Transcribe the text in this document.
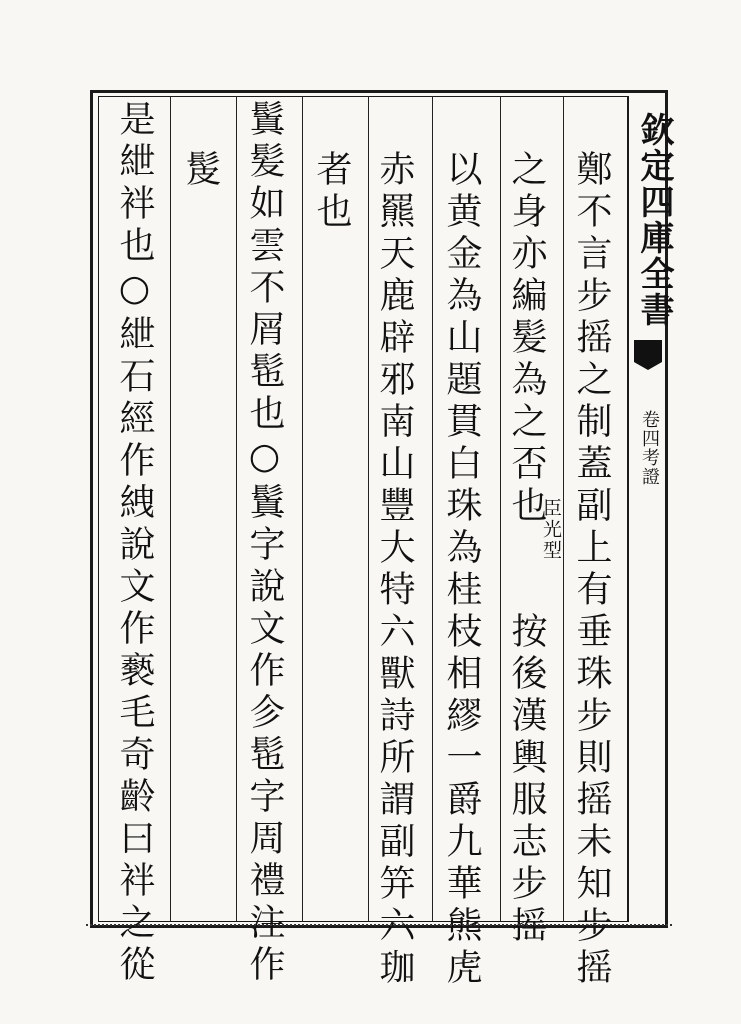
欽定四庫全書
卷四考證
鄭不言步摇之制蓋副上有垂珠步則摇未知步摇
之身亦編髪為之否也
臣光型
按後漢輿服志步摇
以黄金為山題貫白珠為桂枝相繆一爵九華熊虎
赤羆天鹿辟邪南山豐大特六獸詩所謂副笄六珈
者也
鬒髪如雲不屑髢也○鬒字說文作㐱髢字周禮注作
髲
是紲袢也○紲石經作絏說文作褻毛奇齡曰袢之從
